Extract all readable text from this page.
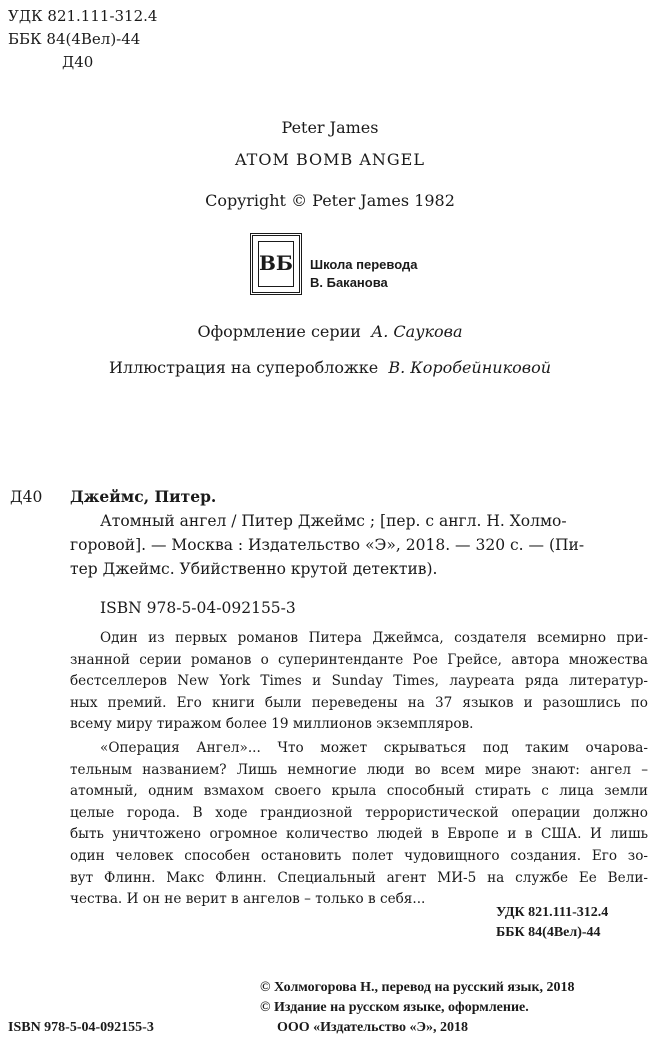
УДК 821.111-312.4
ББК 84(4Вел)-44
Д40
Peter James
ATOM BOMB ANGEL
Copyright © Peter James 1982
ВБ Школа перевода
В. Баканова
Оформление серии А. Саукова
Иллюстрация на суперобложке В. Коробейниковой
Д40 Джеймс, Питер.
Атомный ангел / Питер Джеймс ; [пер. с англ. Н. Холмо-
горовой]. — Москва : Издательство «Э», 2018. — 320 с. — (Пи-
тер Джеймс. Убийственно крутой детектив).
ISBN 978-5-04-092155-3
Один из первых романов Питера Джеймса, создателя всемирно при-
знанной серии романов о суперинтенданте Рое Грейсе, автора множества
бестселлеров New York Times и Sunday Times, лауреата ряда литератур-
ных премий. Его книги были переведены на 37 языков и разошлись по
всему миру тиражом более 19 миллионов экземпляров.
«Операция Ангел»... Что может скрываться под таким очарова-
тельным названием? Лишь немногие люди во всем мире знают: ангел –
атомный, одним взмахом своего крыла способный стирать с лица земли
целые города. В ходе грандиозной террористической операции должно
быть уничтожено огромное количество людей в Европе и в США. И лишь
один человек способен остановить полет чудовищного создания. Его зо-
вут Флинн. Макс Флинн. Специальный агент МИ-5 на службе Ее Вели-
чества. И он не верит в ангелов – только в себя...
УДК 821.111-312.4
ББК 84(4Вел)-44
© Холмогорова Н., перевод на русский язык, 2018
© Издание на русском языке, оформление.
ООО «Издательство «Э», 2018
ISBN 978-5-04-092155-3
